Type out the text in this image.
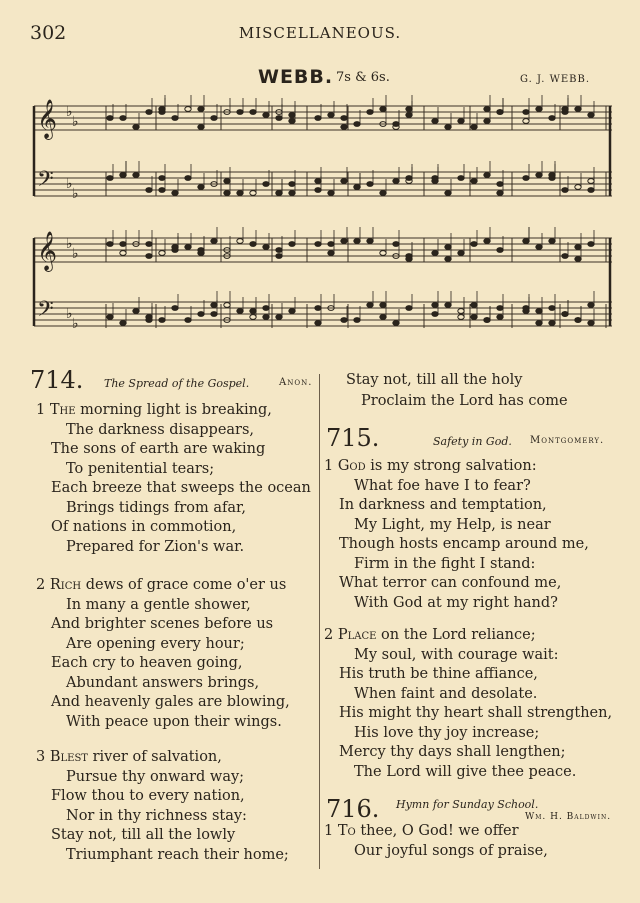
302	MISCELLANEOUS.
WEBB. 7s & 6s.	G. J. WEBB.
𝄞 ♭
♭
𝄢 ♭
♭
𝄞 ♭
♭
𝄢 ♭
♭
714. The Spread of the Gospel.	Anon.
1 The morning light is breaking,
The darkness disappears,
The sons of earth are waking
To penitential tears;
Each breeze that sweeps the ocean
Brings tidings from afar,
Of nations in commotion,
Prepared for Zion's war.
2 Rich dews of grace come o'er us
In many a gentle shower,
And brighter scenes before us
Are opening every hour;
Each cry to heaven going,
Abundant answers brings,
And heavenly gales are blowing,
With peace upon their wings.
3 Blest river of salvation,
Pursue thy onward way;
Flow thou to every nation,
Nor in thy richness stay:
Stay not, till all the lowly
Triumphant reach their home;
Stay not, till all the holy
Proclaim the Lord has come
715.	Safety in God. Montgomery.
1 God is my strong salvation:
What foe have I to fear?
In darkness and temptation,
My Light, my Help, is near
Though hosts encamp around me,
Firm in the fight I stand:
What terror can confound me,
With God at my right hand?
2 Place on the Lord reliance;
My soul, with courage wait:
His truth be thine affiance,
When faint and desolate.
His might thy heart shall strengthen,
His love thy joy increase;
Mercy thy days shall lengthen;
The Lord will give thee peace.
716. Hymn for Sunday School.
Wm. H. Baldwin.
1 To thee, O God! we offer
Our joyful songs of praise,
